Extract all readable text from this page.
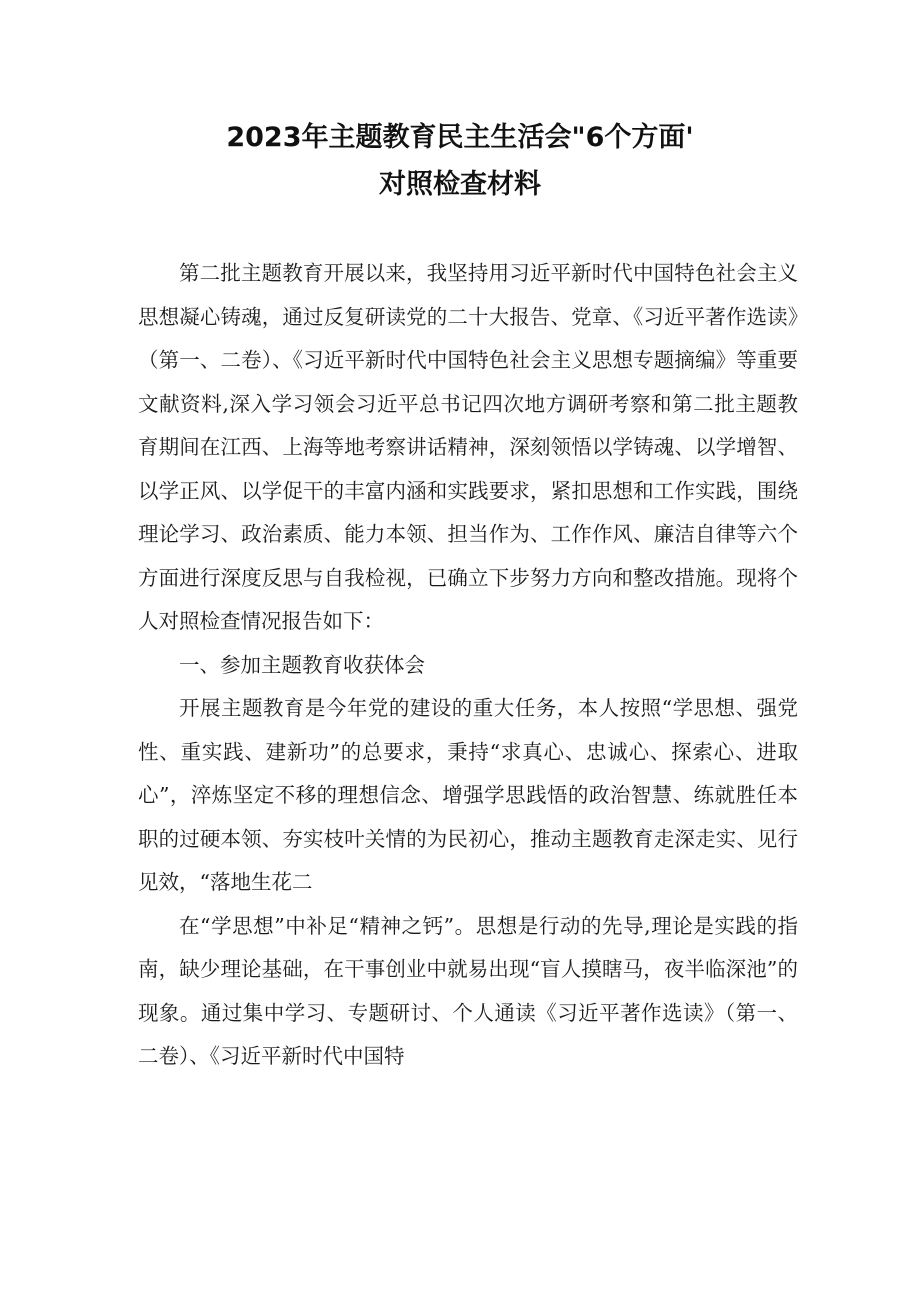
2023年主题教育民主生活会"6个方面'
对照检查材料

第二批主题教育开展以来，我坚持用习近平新时代中国特色社会主义思想凝心铸魂，通过反复研读党的二十大报告、党章、《习近平著作选读》（第一、二卷）、《习近平新时代中国特色社会主义思想专题摘编》等重要文献资料,深入学习领会习近平总书记四次地方调研考察和第二批主题教育期间在江西、上海等地考察讲话精神，深刻领悟以学铸魂、以学增智、以学正风、以学促干的丰富内涵和实践要求，紧扣思想和工作实践，围绕理论学习、政治素质、能力本领、担当作为、工作作风、廉洁自律等六个方面进行深度反思与自我检视，已确立下步努力方向和整改措施。现将个人对照检查情况报告如下：

一、参加主题教育收获体会

开展主题教育是今年党的建设的重大任务，本人按照“学思想、强党性、重实践、建新功”的总要求，秉持“求真心、忠诚心、探索心、进取心”，淬炼坚定不移的理想信念、增强学思践悟的政治智慧、练就胜任本职的过硬本领、夯实枝叶关情的为民初心，推动主题教育走深走实、见行见效，“落地生花二

在“学思想”中补足“精神之钙”。思想是行动的先导,理论是实践的指南，缺少理论基础，在干事创业中就易出现“盲人摸瞎马，夜半临深池”的现象。通过集中学习、专题研讨、个人通读《习近平著作选读》（第一、二卷）、《习近平新时代中国特
